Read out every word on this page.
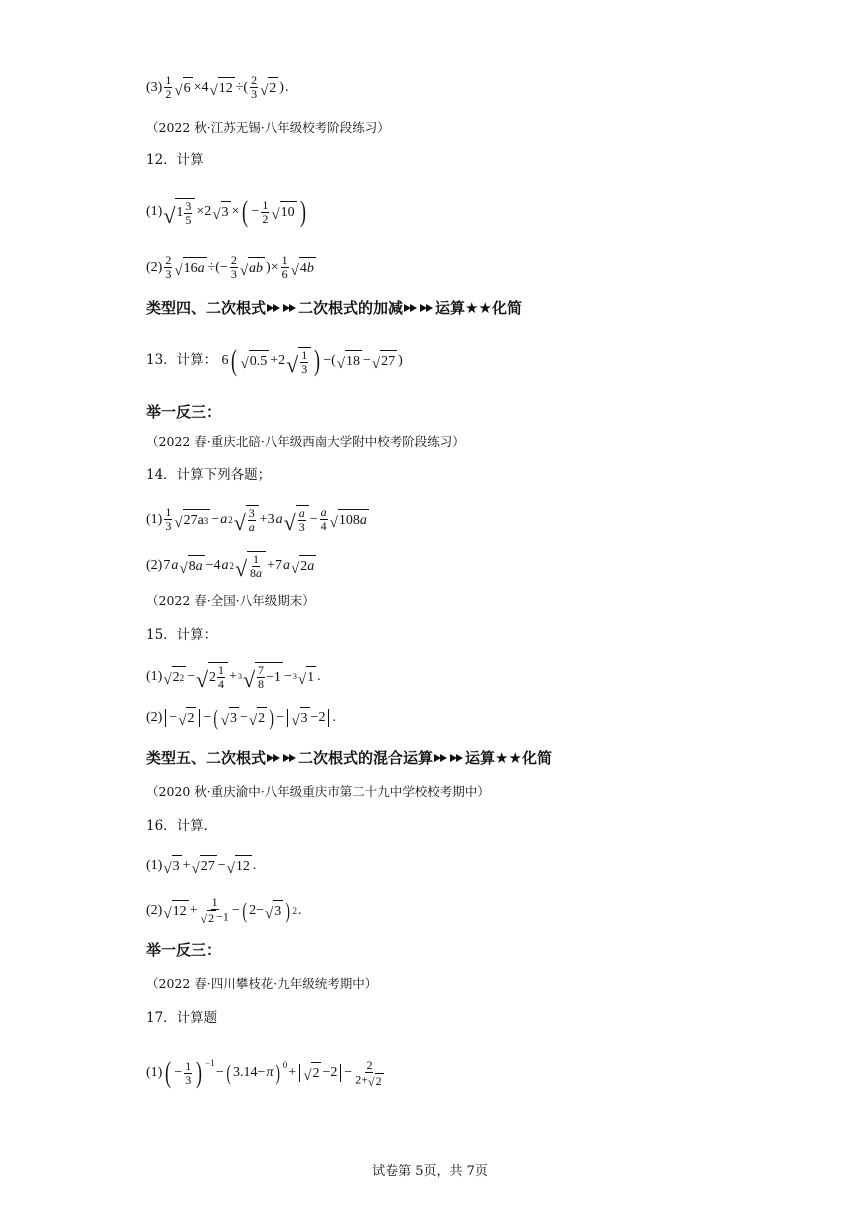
$(3) \frac{1}{2}$ √ 6 ×4 √ 12 ÷( $\frac{2}{3}$ √ 2 ) .
（2022 秋·江苏无锡·八年级校考阶段练习）
12．计算
(1) √ $1 \frac{3}{5} \times 2$ √ 3 × ( − $\frac{1}{2}$ √ 10 )
$(2) \frac{2}{3}$ √ 16 a ÷(− $\frac{2}{3}$ √ ab )× $\frac{1}{6}$ √ 4 b
类型四、二次根式 二次根式的加减 运算★★化简
13．计算： 6 ( √ 0.5 +2 √ $\frac{1}{3}$ ) −( √ 18 − √ 27 )
举一反三：
（2022 春·重庆北碚·八年级西南大学附中校考阶段练习）
14．计算下列各题；
$(1) \frac{1}{3}$ √ 27a 3 − a 2 √ $\frac{3}{a} +3$ a √ $\frac{a}{3} - \frac{a}{4}$ √ 108 a
(2) 7 a √ 8 a −4 a 2 √ $\frac{1}{8a} +7$ a √ 2 a
（2022 春·全国·八年级期末）
15．计算：
(1) √ 2 2 − √ $2 \frac{1}{4} + 3$ √ $\frac{7}{8} -1 - 3$ √ 1 .
(2) − √ 2 − ( √ 3 − √ 2 ) − √ 3 −2 .
类型五、二次根式 二次根式的混合运算 运算★★化简
（2020 秋·重庆渝中·八年级重庆市第二十九中学校校考期中）
16．计算．
(1) √ 3 + √ 27 − √ 12 .
(2) √ $12 + \frac{1}{√ 2 -1}$ − ( 2− √ 3 ) 2 .
举一反三：
（2022 春·四川攀枝花·九年级统考期中）
17．计算题
(1) ( − $\frac{1}{3}$ ) $^{-1}$
− ( 3.14− π ) $^0$ + √ $2 -2 - \frac{2}{2+ √ 2}$
试卷第 5页，共 7页
